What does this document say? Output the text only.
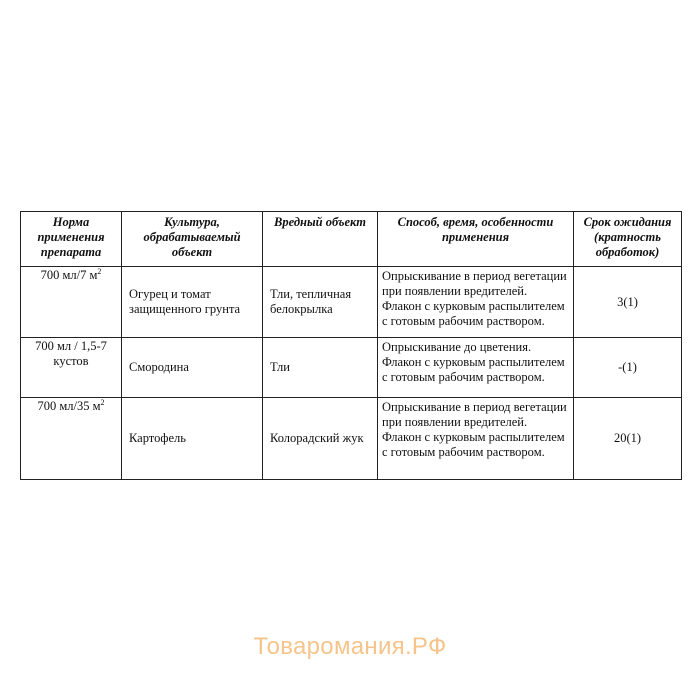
Норма применения препарата	Культура, обрабатываемый объект	Вредный объект	Способ, время, особенности применения	Срок ожидания (кратность обработок)
700 мл/7 $м^2$	Огурец и томат защищенного грунта	Тли, тепличная белокрылка	Опрыскивание в период вегетации при появлении вредителей. Флакон с курковым распылителем с готовым рабочим раствором.	3(1)
700 мл / 1,5-7 кустов	Смородина	Тли	Опрыскивание до цветения. Флакон с курковым распылителем с готовым рабочим раствором.	-(1)
700 мл/35 $м^2$	Картофель	Колорадский жук	Опрыскивание в период вегетации при появлении вредителей. Флакон с курковым распылителем с готовым рабочим раствором.	20(1)
Товаромания.РФ
